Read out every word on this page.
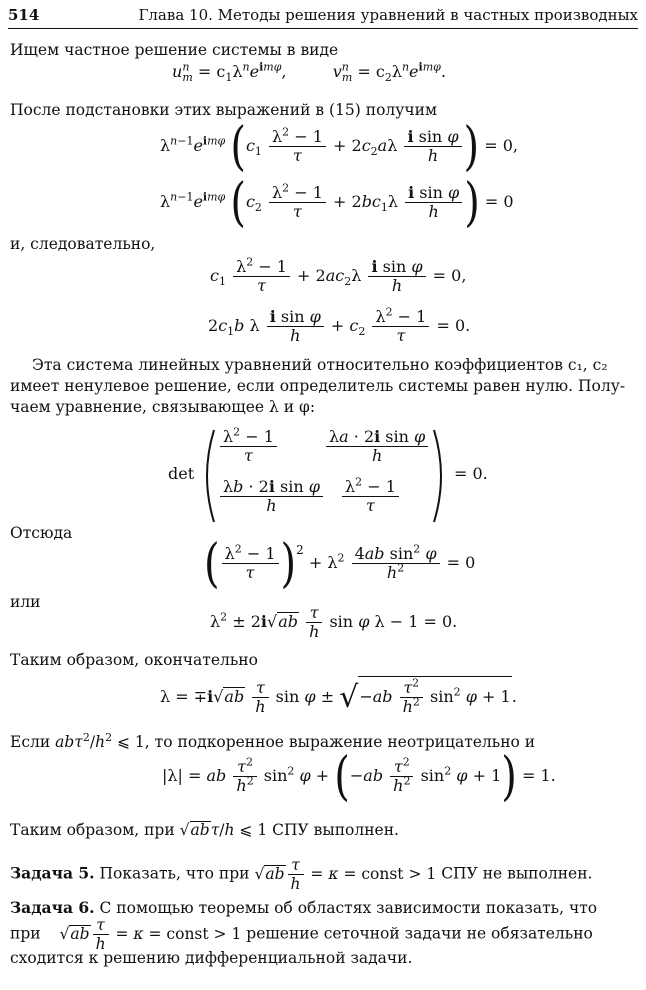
514	Глава 10. Методы решения уравнений в частных производных
Ищем частное решение системы в виде
$u^n_m = c_1\lambda^ne^{im\varphi}$,	$v^n_m = c_2\lambda^ne^{im\varphi}$.
После подстановки этих выражений в (15) получим
$\lambda^{n-1}e^{im\varphi}$ ($c_1 \frac{\lambda^2 - 1}{\tau} + 2c_2a\lambda \frac{\text{i sin φ}}{h}$ ) = 0,
$\lambda^{n-1}e^{im\varphi}$ ($c_2 \frac{\lambda^2 - 1}{\tau} + 2bc_1\lambda \frac{\text{i sin φ}}{h}$ ) = 0
и, следовательно,
$c_1 \frac{\lambda^2 - 1}{\tau} + 2ac_2\lambda \frac{\text{i sin φ}}{h} = 0$,
$2c_1b$ λ $\frac{\text{i sin φ}}{h} + c_2 \frac{\lambda^2 - 1}{\tau} = 0$.
Эта система линейных уравнений относительно коэффициентов c₁, c₂
имеет ненулевое решение, если определитель системы равен нулю. Полу-
чаем уравнение, связывающее λ и φ:
det
$\frac{\lambda^2 - 1}{\tau}$	$\frac{\text{λa · 2i sin φ}}{h}$
$\frac{\text{λb · 2i sin φ}}{h} \frac{\lambda^2 - 1}{\tau}$
= 0.
Отсюда
( $\frac{\lambda^2 - 1}{\tau} )^2 + \lambda^2 \frac{4ab \sin^2 \varphi}{h^2} = 0$
или
$\lambda^2 \pm 2i√ab \frac{\tau}{h}$ sin φ λ − 1 = 0.
Таким образом, окончательно
$\lambda = \mp i√ab \frac{\tau}{h}$ $\sin \varphi \pm √-ab \frac{\tau^2}{h^2} \sin^2 \varphi + 1$.
Если $ab\tau^2/h^2$ ⩽ 1, то подкоренное выражение неотрицательно и
|λ| = ab $\frac{\tau^2}{h^2} \sin^2 \varphi + (-ab \frac{\tau^2}{h^2} \sin^2 \varphi + 1) = 1$.
Таким образом, при √abτ/h ⩽ 1 СПУ выполнен.
Задача 5. Показать, что при $√ab \frac{\tau}{h} = \kappa$ = const > 1 СПУ не выполнен.
Задача 6. С помощью теоремы об областях зависимости показать, что
при $√ab \frac{\tau}{h} = \kappa$ = const > 1 решение сеточной задачи не обязательно
сходится к решению дифференциальной задачи.
